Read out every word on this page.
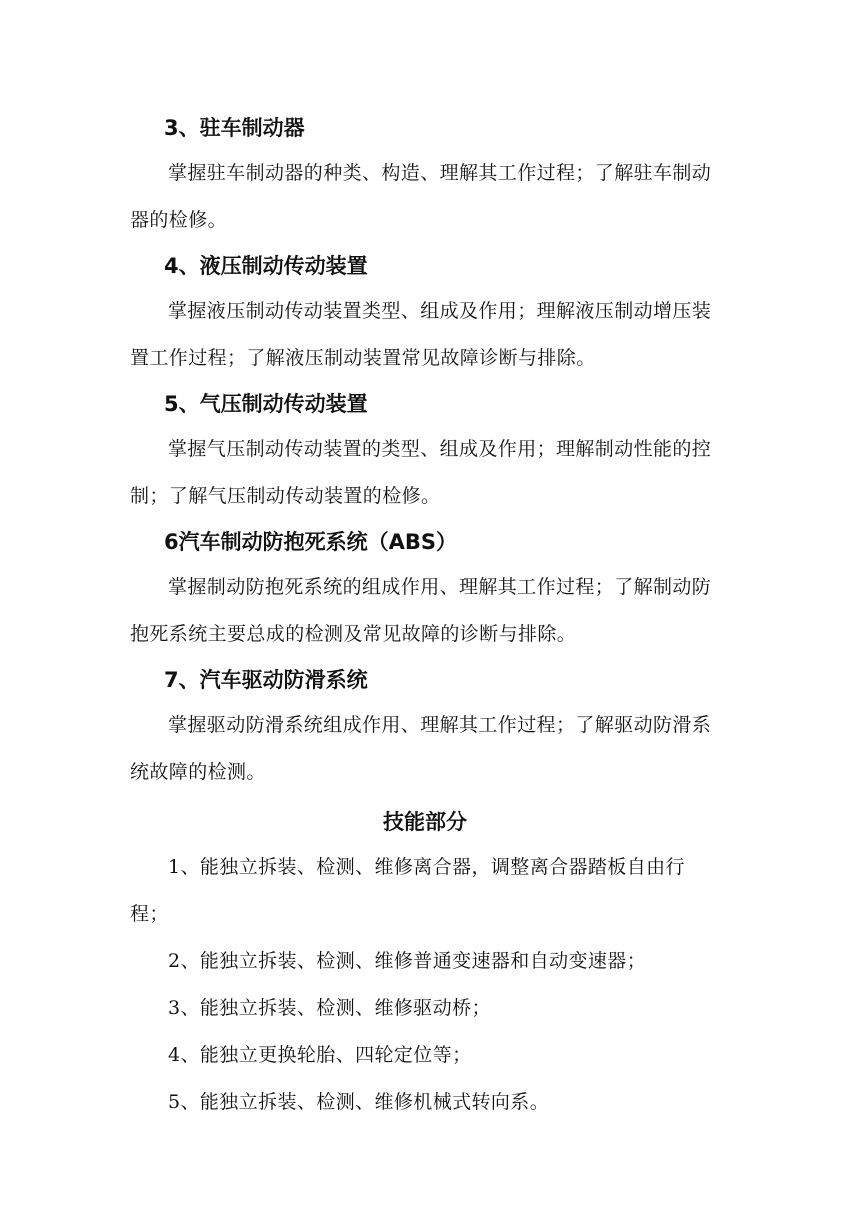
3、驻车制动器

掌握驻车制动器的种类、构造、理解其工作过程；了解驻车制动器的检修。

4、液压制动传动装置

掌握液压制动传动装置类型、组成及作用；理解液压制动增压装置工作过程；了解液压制动装置常见故障诊断与排除。

5、气压制动传动装置

掌握气压制动传动装置的类型、组成及作用；理解制动性能的控制；了解气压制动传动装置的检修。

6汽车制动防抱死系统（ABS）

掌握制动防抱死系统的组成作用、理解其工作过程；了解制动防抱死系统主要总成的检测及常见故障的诊断与排除。

7、汽车驱动防滑系统

掌握驱动防滑系统组成作用、理解其工作过程；了解驱动防滑系统故障的检测。

技能部分

1、能独立拆装、检测、维修离合器，调整离合器踏板自由行程；

2、能独立拆装、检测、维修普通变速器和自动变速器；

3、能独立拆装、检测、维修驱动桥；

4、能独立更换轮胎、四轮定位等；

5、能独立拆装、检测、维修机械式转向系。
